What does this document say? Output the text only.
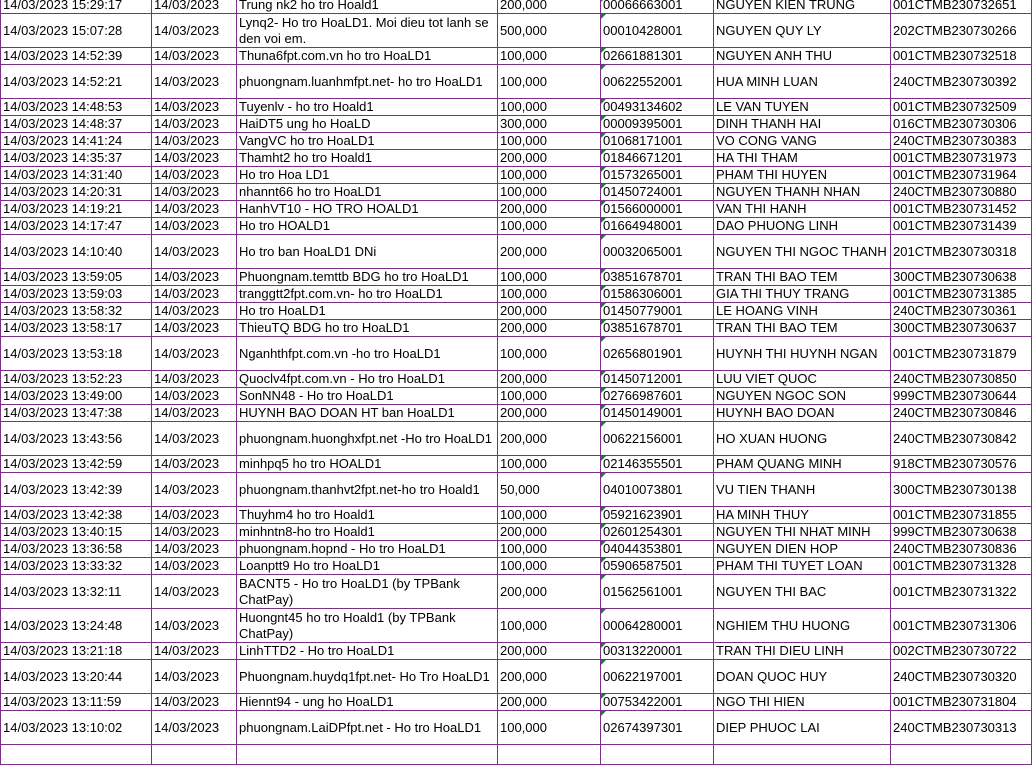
14/03/2023 15:29:17	14/03/2023	Trung nk2 ho tro Hoald1	200,000	00066663001	NGUYEN KIEN TRUNG	001CTMB230732651
14/03/2023 15:07:28	14/03/2023	Lynq2- Ho tro HoaLD1. Moi dieu tot lanh se den voi em.	500,000	00010428001	NGUYEN QUY LY	202CTMB230730266
14/03/2023 14:52:39	14/03/2023	Thuna6fpt.com.vn ho tro HoaLD1	100,000	02661881301	NGUYEN ANH THU	001CTMB230732518
14/03/2023 14:52:21	14/03/2023	phuongnam.luanhmfpt.net- ho tro HoaLD1	100,000	00622552001	HUA MINH LUAN	240CTMB230730392
14/03/2023 14:48:53	14/03/2023	Tuyenlv - ho tro Hoald1	100,000	00493134602	LE VAN TUYEN	001CTMB230732509
14/03/2023 14:48:37	14/03/2023	HaiDT5 ung ho HoaLD	300,000	00009395001	DINH THANH HAI	016CTMB230730306
14/03/2023 14:41:24	14/03/2023	VangVC ho tro HoaLD1	100,000	01068171001	VO CONG VANG	240CTMB230730383
14/03/2023 14:35:37	14/03/2023	Thamht2 ho tro Hoald1	200,000	01846671201	HA THI THAM	001CTMB230731973
14/03/2023 14:31:40	14/03/2023	Ho tro Hoa LD1	100,000	01573265001	PHAM THI HUYEN	001CTMB230731964
14/03/2023 14:20:31	14/03/2023	nhannt66 ho tro HoaLD1	100,000	01450724001	NGUYEN THANH NHAN	240CTMB230730880
14/03/2023 14:19:21	14/03/2023	HanhVT10 - HO TRO HOALD1	200,000	01566000001	VAN THI HANH	001CTMB230731452
14/03/2023 14:17:47	14/03/2023	Ho tro HOALD1	100,000	01664948001	DAO PHUONG LINH	001CTMB230731439
14/03/2023 14:10:40	14/03/2023	Ho tro ban HoaLD1 DNi	200,000	00032065001	NGUYEN THI NGOC THANH	201CTMB230730318
14/03/2023 13:59:05	14/03/2023	Phuongnam.temttb BDG ho tro HoaLD1	100,000	03851678701	TRAN THI BAO TEM	300CTMB230730638
14/03/2023 13:59:03	14/03/2023	tranggtt2fpt.com.vn- ho tro HoaLD1	100,000	01586306001	GIA THI THUY TRANG	001CTMB230731385
14/03/2023 13:58:32	14/03/2023	Ho tro HoaLD1	200,000	01450779001	LE HOANG VINH	240CTMB230730361
14/03/2023 13:58:17	14/03/2023	ThieuTQ BDG ho tro HoaLD1	200,000	03851678701	TRAN THI BAO TEM	300CTMB230730637
14/03/2023 13:53:18	14/03/2023	Nganhthfpt.com.vn -ho tro HoaLD1	100,000	02656801901	HUYNH THI HUYNH NGAN	001CTMB230731879
14/03/2023 13:52:23	14/03/2023	Quoclv4fpt.com.vn - Ho tro HoaLD1	200,000	01450712001	LUU VIET QUOC	240CTMB230730850
14/03/2023 13:49:00	14/03/2023	SonNN48 - Ho tro HoaLD1	100,000	02766987601	NGUYEN NGOC SON	999CTMB230730644
14/03/2023 13:47:38	14/03/2023	HUYNH BAO DOAN HT ban HoaLD1	200,000	01450149001	HUYNH BAO DOAN	240CTMB230730846
14/03/2023 13:43:56	14/03/2023	phuongnam.huonghxfpt.net -Ho tro HoaLD1	200,000	00622156001	HO XUAN HUONG	240CTMB230730842
14/03/2023 13:42:59	14/03/2023	minhpq5 ho tro HOALD1	100,000	02146355501	PHAM QUANG MINH	918CTMB230730576
14/03/2023 13:42:39	14/03/2023	phuongnam.thanhvt2fpt.net-ho tro Hoald1	50,000	04010073801	VU TIEN THANH	300CTMB230730138
14/03/2023 13:42:38	14/03/2023	Thuyhm4 ho tro Hoald1	100,000	05921623901	HA MINH THUY	001CTMB230731855
14/03/2023 13:40:15	14/03/2023	minhntn8-ho tro Hoald1	200,000	02601254301	NGUYEN THI NHAT MINH	999CTMB230730638
14/03/2023 13:36:58	14/03/2023	phuongnam.hopnd - Ho tro HoaLD1	100,000	04044353801	NGUYEN DIEN HOP	240CTMB230730836
14/03/2023 13:33:32	14/03/2023	Loanptt9 Ho tro HoaLD1	100,000	05906587501	PHAM THI TUYET LOAN	001CTMB230731328
14/03/2023 13:32:11	14/03/2023	BACNT5 - Ho tro HoaLD1 (by TPBank ChatPay)	200,000	01562561001	NGUYEN THI BAC	001CTMB230731322
14/03/2023 13:24:48	14/03/2023	Huongnt45 ho tro Hoald1 (by TPBank ChatPay)	100,000	00064280001	NGHIEM THU HUONG	001CTMB230731306
14/03/2023 13:21:18	14/03/2023	LinhTTD2 - Ho tro HoaLD1	200,000	00313220001	TRAN THI DIEU LINH	002CTMB230730722
14/03/2023 13:20:44	14/03/2023	Phuongnam.huydq1fpt.net- Ho Tro HoaLD1	200,000	00622197001	DOAN QUOC HUY	240CTMB230730320
14/03/2023 13:11:59	14/03/2023	Hiennt94 - ung ho HoaLD1	200,000	00753422001	NGO THI HIEN	001CTMB230731804
14/03/2023 13:10:02	14/03/2023	phuongnam.LaiDPfpt.net - Ho tro HoaLD1	100,000	02674397301	DIEP PHUOC LAI	240CTMB230730313
